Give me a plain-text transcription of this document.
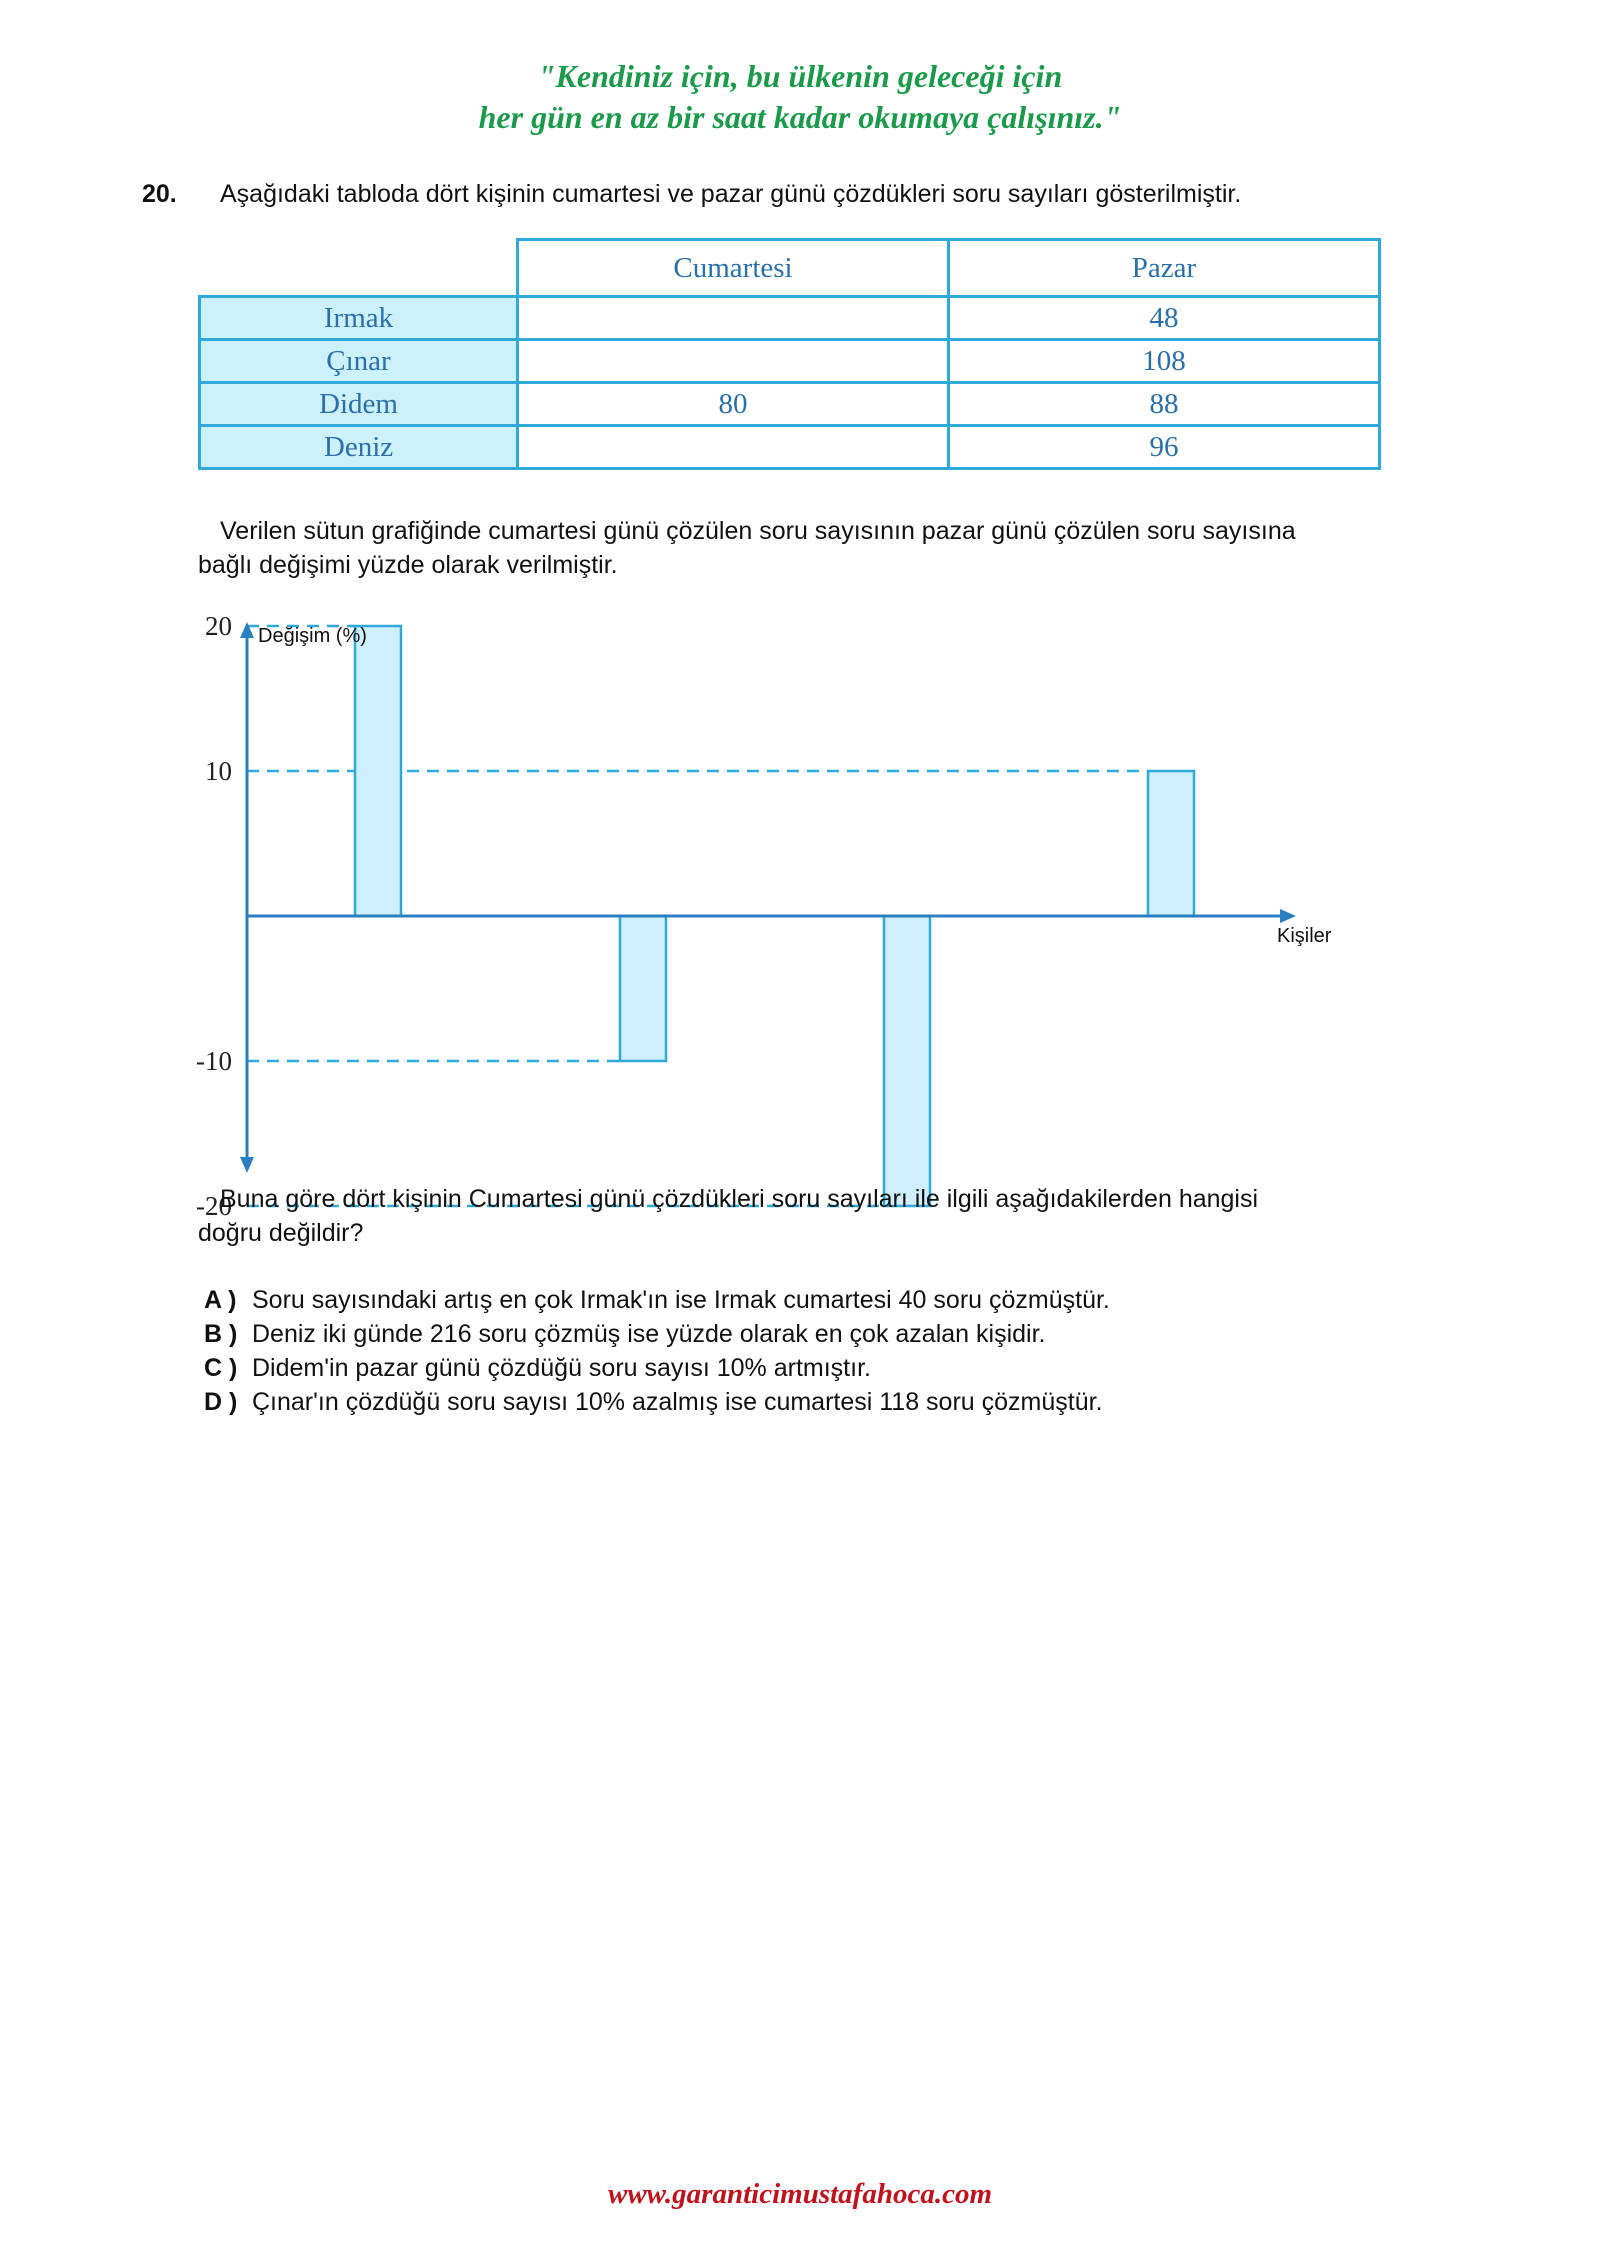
"Kendiniz için, bu ülkenin geleceği için
her gün en az bir saat kadar okumaya çalışınız."
20. Aşağıdaki tabloda dört kişinin cumartesi ve pazar günü çözdükleri soru sayıları gösterilmiştir.
	Cumartesi	Pazar
Irmak		48
Çınar		108
Didem	80	88
Deniz		96
Verilen sütun grafiğinde cumartesi günü çözülen soru sayısının pazar günü çözülen soru sayısına
bağlı değişimi yüzde olarak verilmiştir.
20
10
-10
-20
Değişim (%)
Kişiler
Buna göre dört kişinin Cumartesi günü çözdükleri soru sayıları ile ilgili aşağıdakilerden hangisi
doğru değildir?
A ) Soru sayısındaki artış en çok Irmak'ın ise Irmak cumartesi 40 soru çözmüştür.
B ) Deniz iki günde 216 soru çözmüş ise yüzde olarak en çok azalan kişidir.
C ) Didem'in pazar günü çözdüğü soru sayısı 10% artmıştır.
D ) Çınar'ın çözdüğü soru sayısı 10% azalmış ise cumartesi 118 soru çözmüştür.
www.garanticimustafahoca.com
